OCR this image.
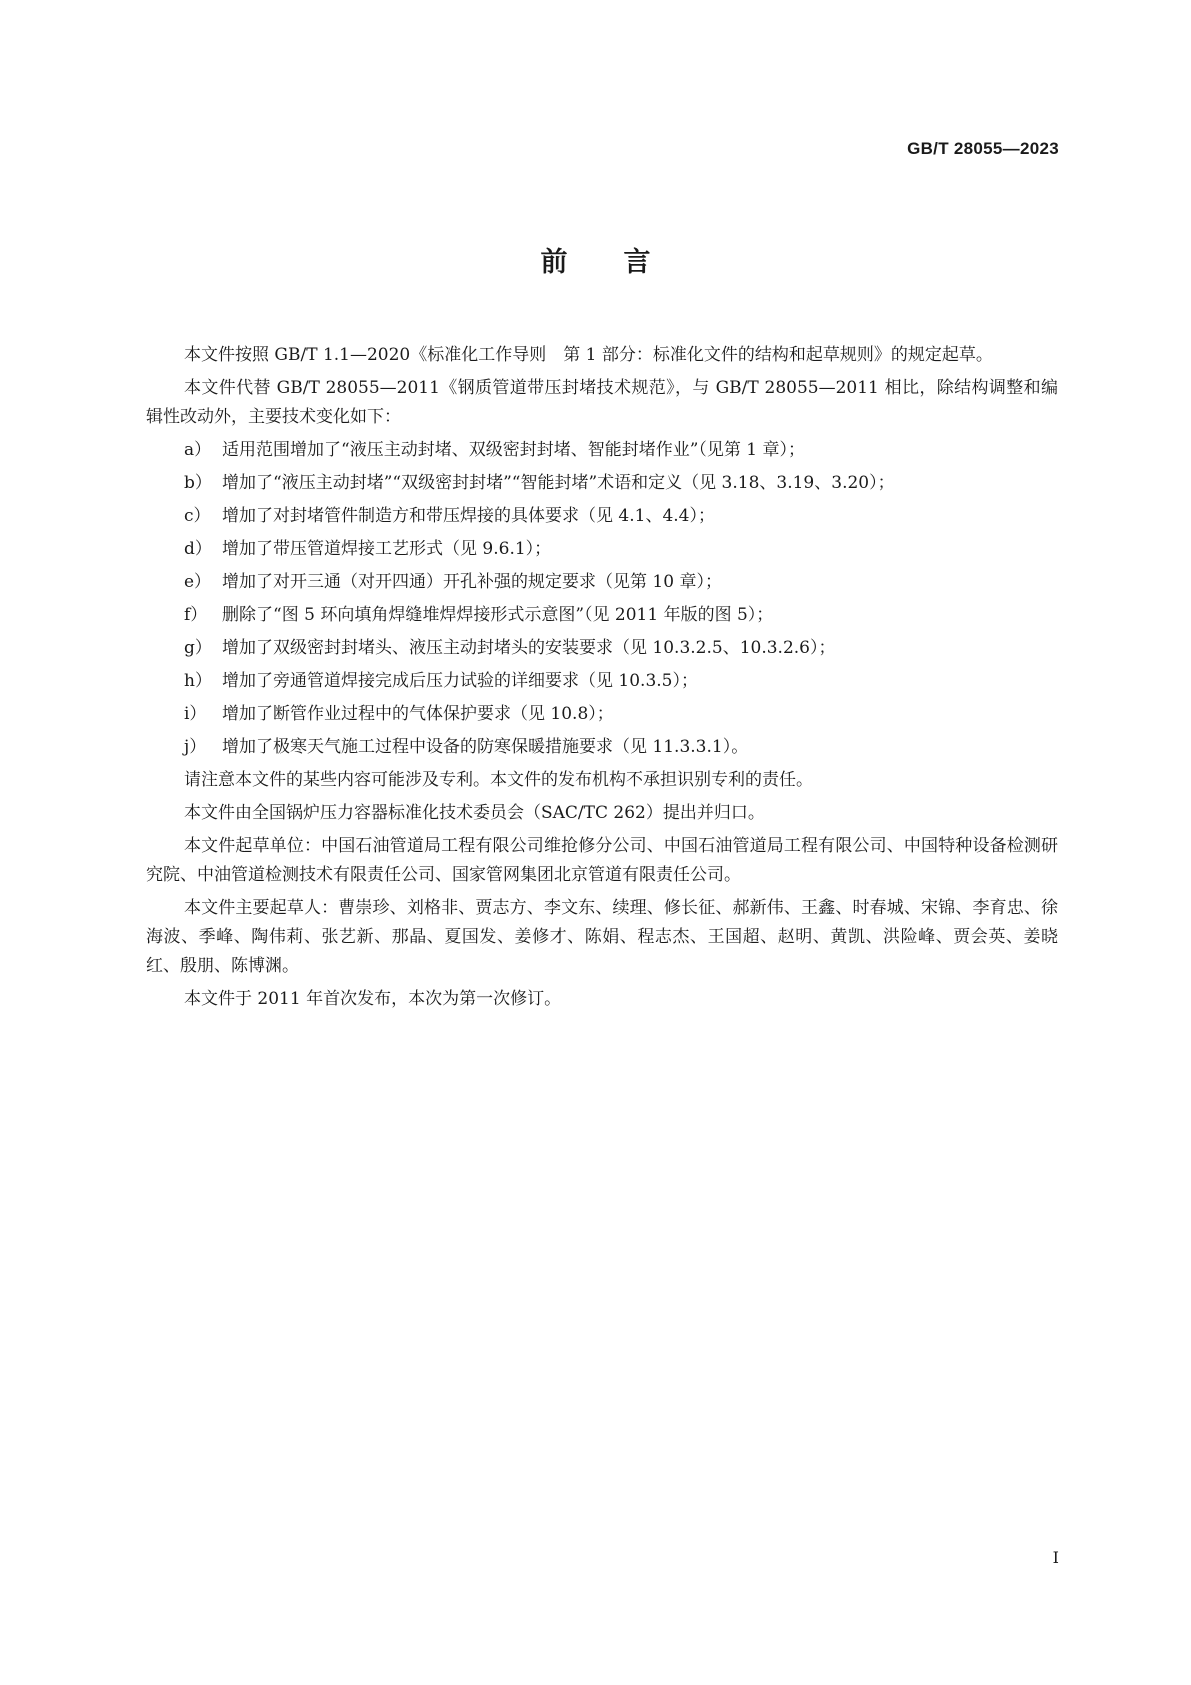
GB/T 28055—2023

前言

本文件按照 GB/T 1.1—2020《标准化工作导则　第 1 部分：标准化文件的结构和起草规则》的规定起草。

本文件代替 GB/T 28055—2011《钢质管道带压封堵技术规范》，与 GB/T 28055—2011 相比，除结构调整和编辑性改动外，主要技术变化如下：

a） 适用范围增加了“液压主动封堵、双级密封封堵、智能封堵作业”（见第 1 章）；
b） 增加了“液压主动封堵”“双级密封封堵”“智能封堵”术语和定义（见 3.18、3.19、3.20）；
c） 增加了对封堵管件制造方和带压焊接的具体要求（见 4.1、4.4）；
d） 增加了带压管道焊接工艺形式（见 9.6.1）；
e） 增加了对开三通（对开四通）开孔补强的规定要求（见第 10 章）；
f） 删除了“图 5 环向填角焊缝堆焊焊接形式示意图”（见 2011 年版的图 5）；
g） 增加了双级密封封堵头、液压主动封堵头的安装要求（见 10.3.2.5、10.3.2.6）；
h） 增加了旁通管道焊接完成后压力试验的详细要求（见 10.3.5）；
i） 增加了断管作业过程中的气体保护要求（见 10.8）；
j） 增加了极寒天气施工过程中设备的防寒保暖措施要求（见 11.3.3.1）。

请注意本文件的某些内容可能涉及专利。本文件的发布机构不承担识别专利的责任。

本文件由全国锅炉压力容器标准化技术委员会（SAC/TC 262）提出并归口。

本文件起草单位：中国石油管道局工程有限公司维抢修分公司、中国石油管道局工程有限公司、中国特种设备检测研究院、中油管道检测技术有限责任公司、国家管网集团北京管道有限责任公司。

本文件主要起草人：曹崇珍、刘格非、贾志方、李文东、续理、修长征、郝新伟、王鑫、时春城、宋锦、李育忠、徐海波、季峰、陶伟莉、张艺新、那晶、夏国发、姜修才、陈娟、程志杰、王国超、赵明、黄凯、洪险峰、贾会英、姜晓红、殷朋、陈博渊。

本文件于 2011 年首次发布，本次为第一次修订。

I
